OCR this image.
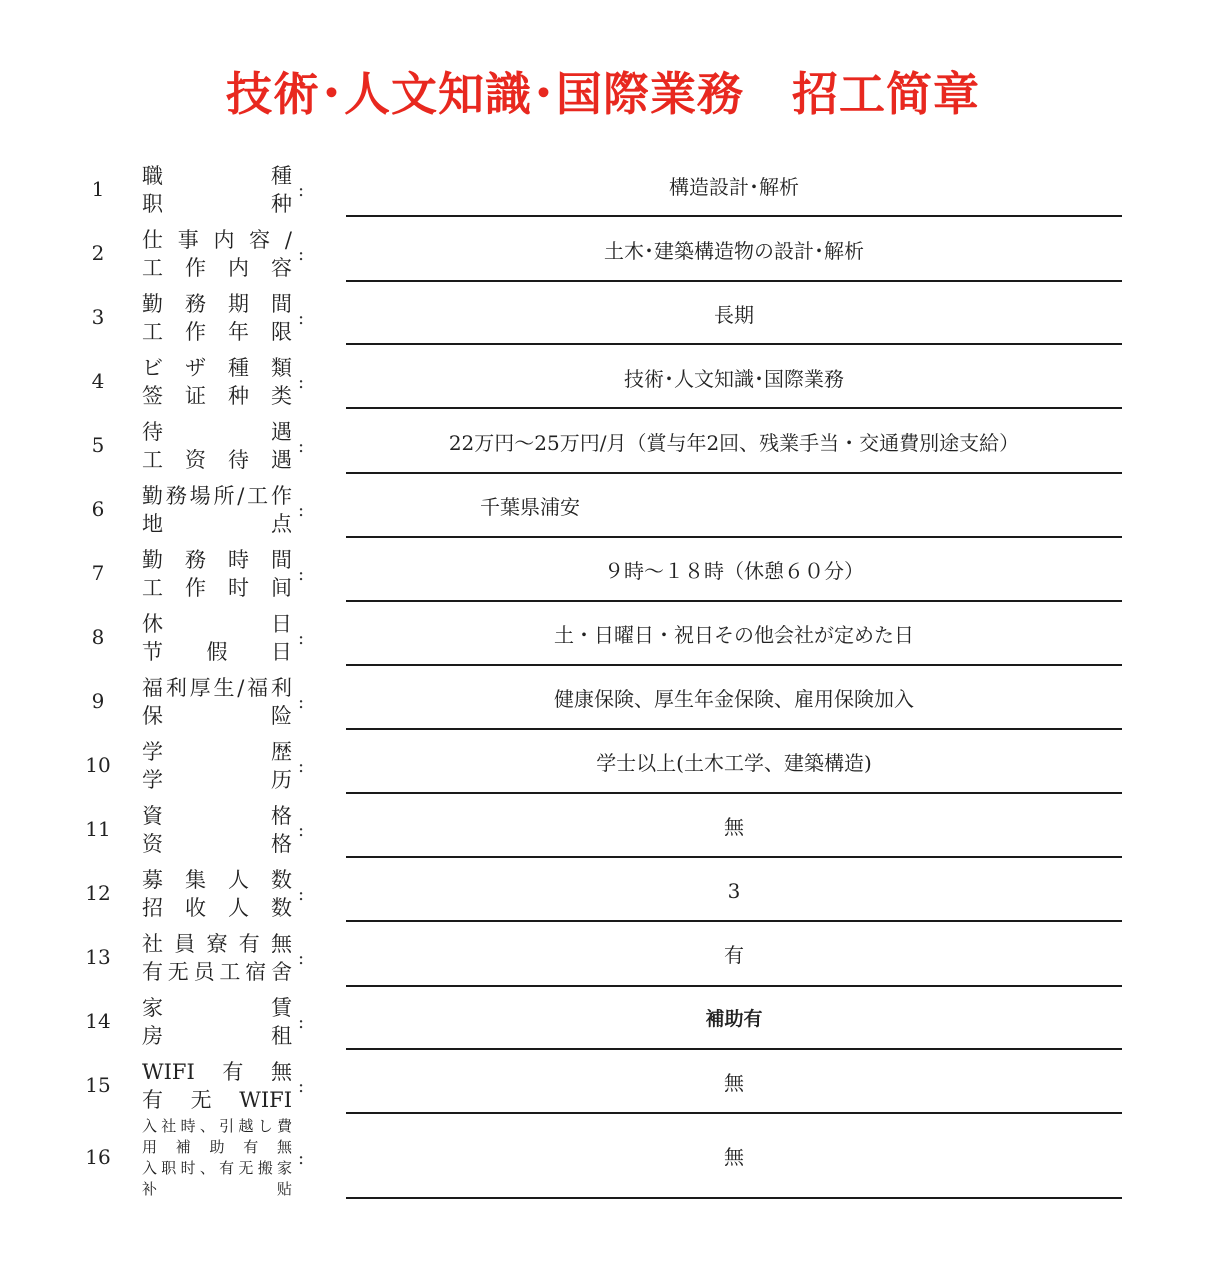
技術･人文知識･国際業務 招工简章
1
職	種
职	种
:	構造設計･解析
2
仕 事 内 容 /
工 作 内 容
:	土木･建築構造物の設計･解析
3
勤 務 期 間
工 作 年 限
:	長期
4
ビ ザ 種 類
签 证 种 类
:	技術･人文知識･国際業務
5
待	遇
工 资 待 遇
:	22万円～25万円/月（賞与年2回、残業手当・交通費別途支給）
6
勤 務 場 所 / 工 作
地	点
:	千葉県浦安
7
勤 務 時 間
工 作 时 间
:	９時～１８時（休憩６０分）
8
休	日
节 假 日
:	土・日曜日・祝日その他会社が定めた日
9
福 利 厚 生 / 福 利
保	险
:	健康保険、厚生年金保険、雇用保険加入
10
学	歴
学	历
:	学士以上(土木工学、建築構造)
11
資	格
资	格
:	無
12
募 集 人 数
招 收 人 数
:	3
13
社 員 寮 有 無
有 无 员 工 宿 舍
:	有
14
家	賃
房	租
:	補助有
15
WIFI 有 無
有 无 WIFI
:	無
16
入 社 時 、 引 越 し 費
用 補 助 有 無
入 职 时 、 有 无 搬 家
补	贴
:	無
